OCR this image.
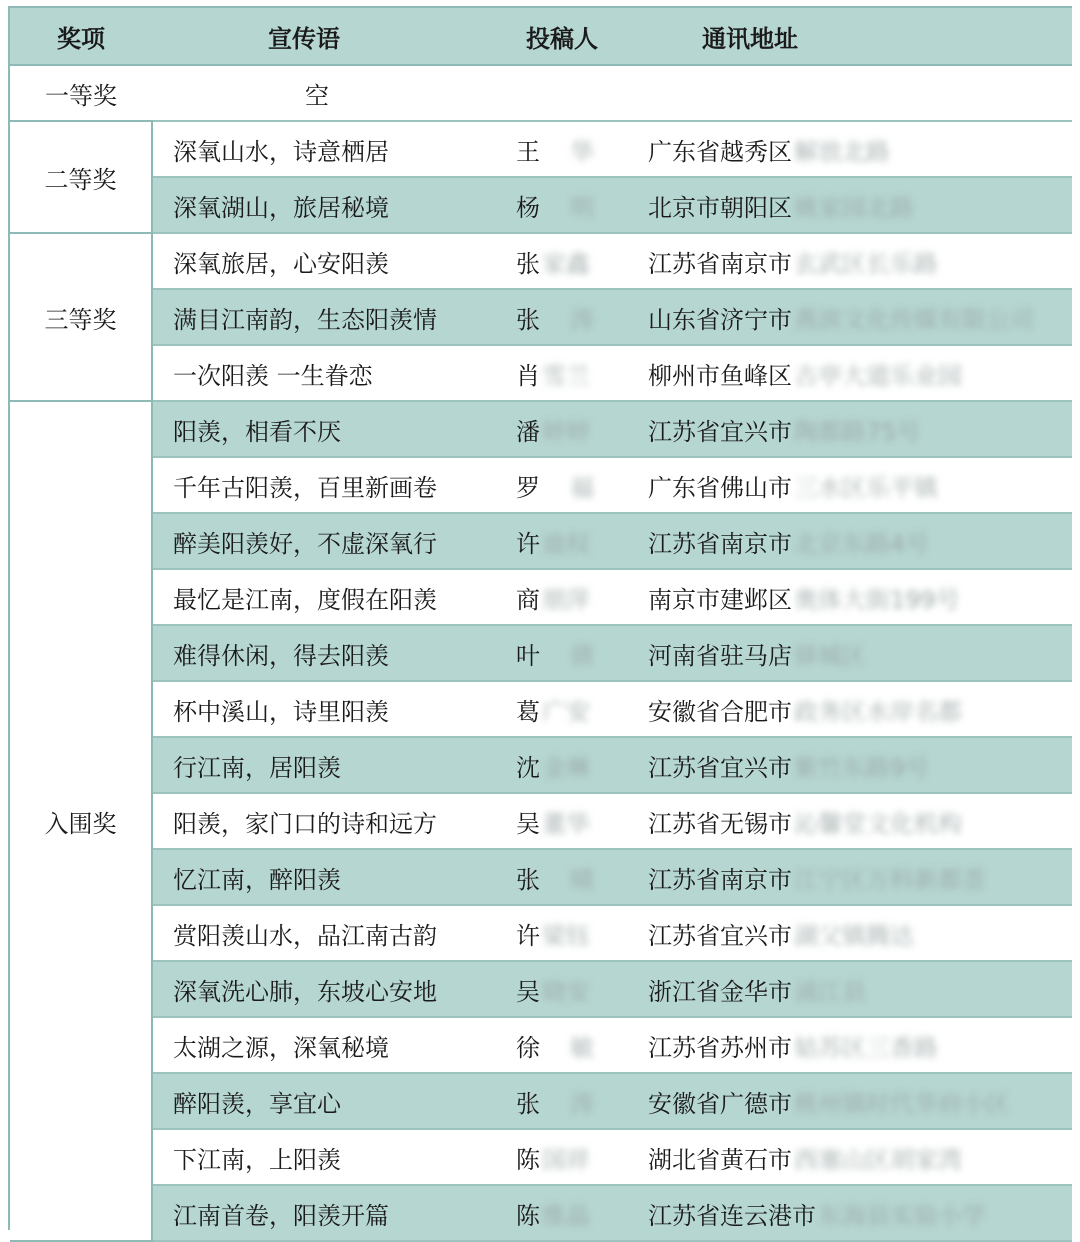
奖项	宣传语	投稿人	通讯地址
一等奖	空		
二等奖	深氧山水，诗意栖居	王 华	广东省越秀区解放北路
	深氧湖山，旅居秘境	杨 明	北京市朝阳区姚家园北路
三等奖	深氧旅居，心安阳羡	张家鑫	江苏省南京市玄武区长乐路
	满目江南韵，生态阳羡情	张 涛	山东省济宁市燕滨文化传媒有限公司
	一次阳羡 一生眷恋	肖雪兰	柳州市鱼峰区古亭大道乐业园
入围奖	阳羡，相看不厌	潘婷婷	江苏省宜兴市陶都路75号
	千年古阳羡，百里新画卷	罗 福	广东省佛山市三水区乐平镇
	醉美阳羡好，不虚深氧行	许迪权	江苏省南京市北京东路4号
	最忆是江南，度假在阳羡	商朋萍	南京市建邺区奥体大街199号
	难得休闲，得去阳羡	叶 倩	河南省驻马店驿城区
	杯中溪山，诗里阳羡	葛广安	安徽省合肥市政务区水岸名都
	行江南，居阳羡	沈金琳	江苏省宜兴市紫竹东路9号
	阳羡，家门口的诗和远方	吴董华	江苏省无锡市沁馨堂文化机构
	忆江南，醉阳羡	张 晴	江苏省南京市江宁区万科新都荟
	赏阳羡山水，品江南古韵	许梁钰	江苏省宜兴市湖父镇腾达
	深氧洗心肺，东坡心安地	吴晓安	浙江省金华市浦江县
	太湖之源，深氧秘境	徐 敏	江苏省苏州市姑苏区三香路
	醉阳羡，享宜心	张 涛	安徽省广德市桃州镇时代华府小区
	下江南，上阳羡	陈国祥	湖北省黄石市西塞山区胡家湾
	江南首卷，阳羡开篇	陈维晶	江苏省连云港市东海县实验小学
